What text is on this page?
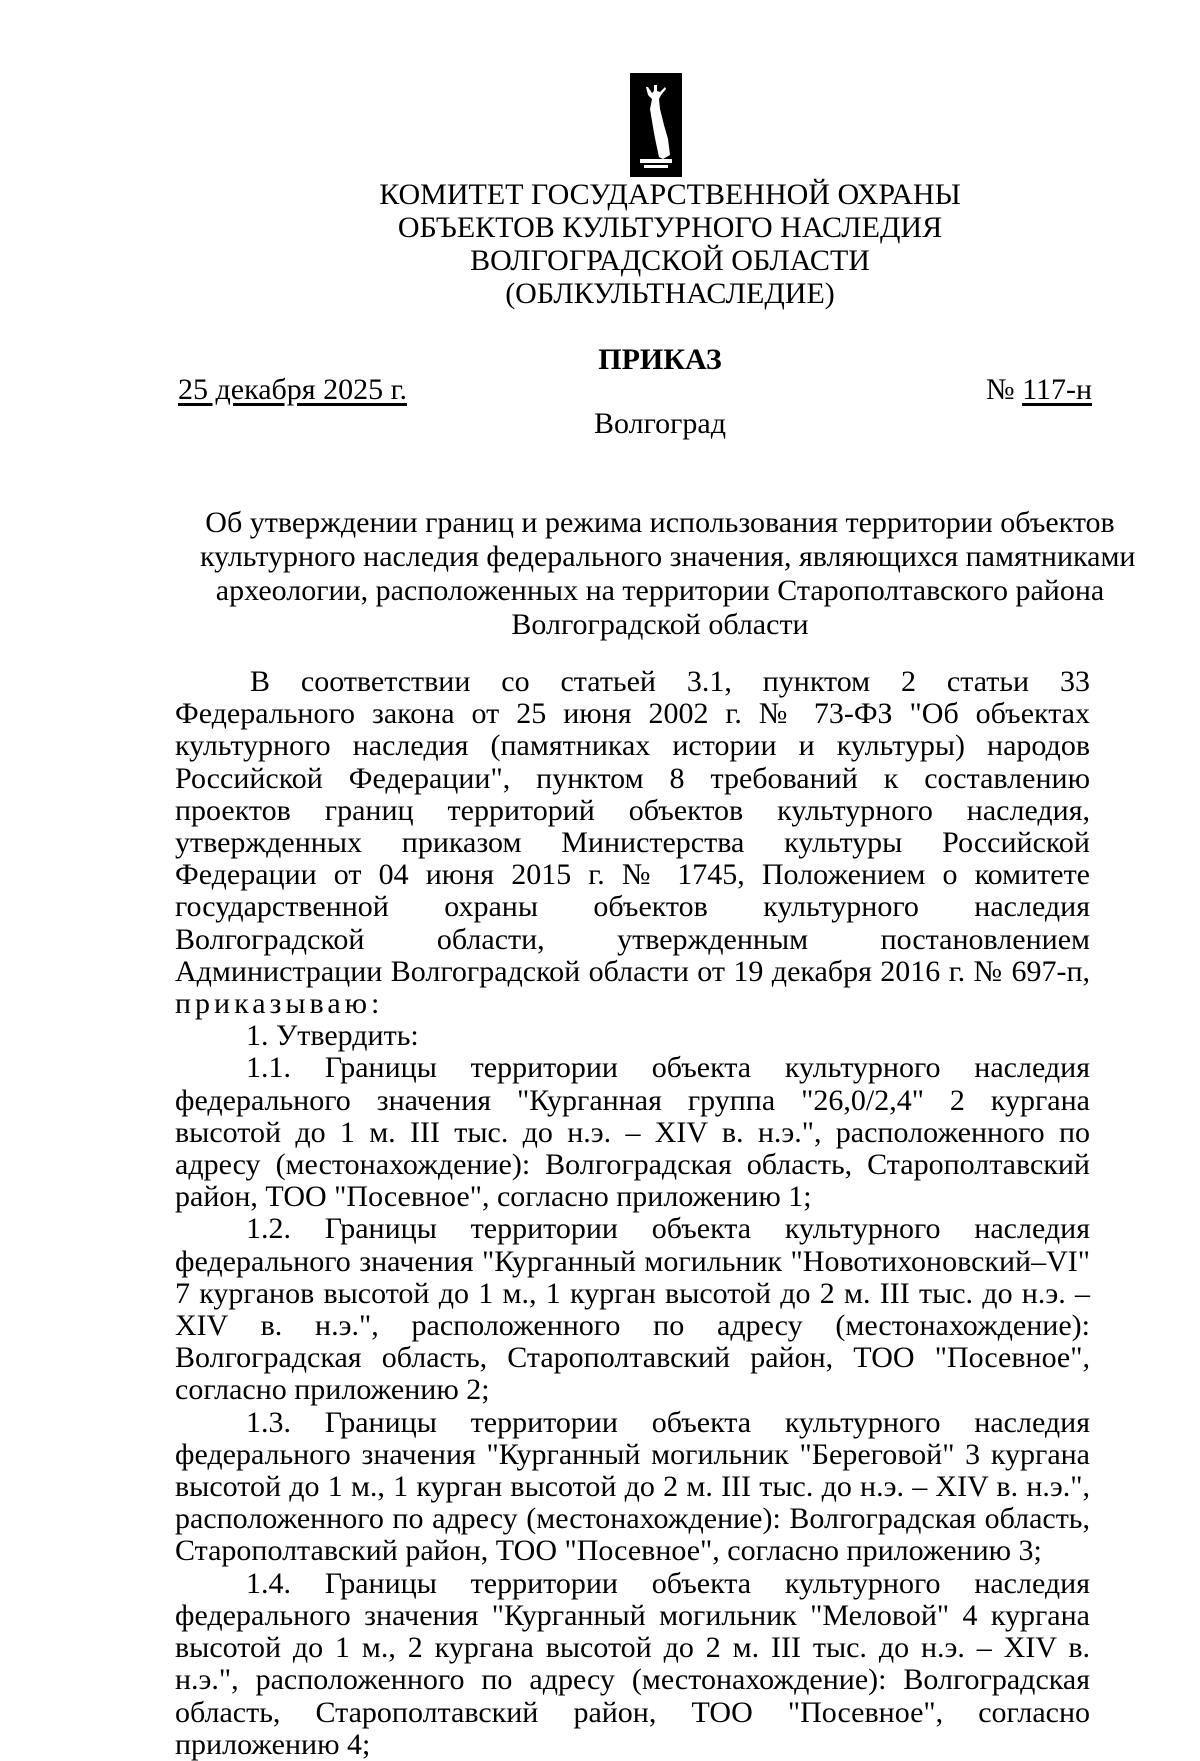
КОМИТЕТ ГОСУДАРСТВЕННОЙ ОХРАНЫ
ОБЪЕКТОВ КУЛЬТУРНОГО НАСЛЕДИЯ
ВОЛГОГРАДСКОЙ ОБЛАСТИ
(ОБЛКУЛЬТНАСЛЕДИЕ)
ПРИКАЗ
25 декабря 2025 г.	№ 117-н
Волгоград
Об утверждении границ и режима использования территории объектов
культурного наследия федерального значения, являющихся памятниками
археологии, расположенных на территории Старополтавского района
Волгоградской области

В соответствии со статьей 3.1, пунктом 2 статьи 33 Федерального закона от 25 июня 2002 г. № 73-ФЗ "Об объектах культурного наследия (памятниках истории и культуры) народов Российской Федерации", пунктом 8 требований к составлению проектов границ территорий объектов культурного наследия, утвержденных приказом Министерства культуры Российской Федерации от 04 июня 2015 г. № 1745, Положением о комитете государственной охраны объектов культурного наследия Волгоградской области, утвержденным постановлением Администрации Волгоградской области от 19 декабря 2016 г. № 697-п, приказываю:

1. Утвердить:

1.1. Границы территории объекта культурного наследия федерального значения "Курганная группа "26,0/2,4" 2 кургана высотой до 1 м. III тыс. до н.э. – XIV в. н.э.", расположенного по адресу (местонахождение): Волгоградская область, Старополтавский район, ТОО "Посевное", согласно приложению 1;

1.2. Границы территории объекта культурного наследия федерального значения "Курганный могильник "Новотихоновский–VI" 7 курганов высотой до 1 м., 1 курган высотой до 2 м. III тыс. до н.э. – XIV в. н.э.", расположенного по адресу (местонахождение): Волгоградская область, Старополтавский район, ТОО "Посевное", согласно приложению 2;

1.3. Границы территории объекта культурного наследия федерального значения "Курганный могильник "Береговой" 3 кургана высотой до 1 м., 1 курган высотой до 2 м. III тыс. до н.э. – XIV в. н.э.", расположенного по адресу (местонахождение): Волгоградская область, Старополтавский район, ТОО "Посевное", согласно приложению 3;

1.4. Границы территории объекта культурного наследия федерального значения "Курганный могильник "Меловой" 4 кургана высотой до 1 м., 2 кургана высотой до 2 м. III тыс. до н.э. – XIV в. н.э.", расположенного по адресу (местонахождение): Волгоградская область, Старополтавский район, ТОО "Посевное", согласно приложению 4;
